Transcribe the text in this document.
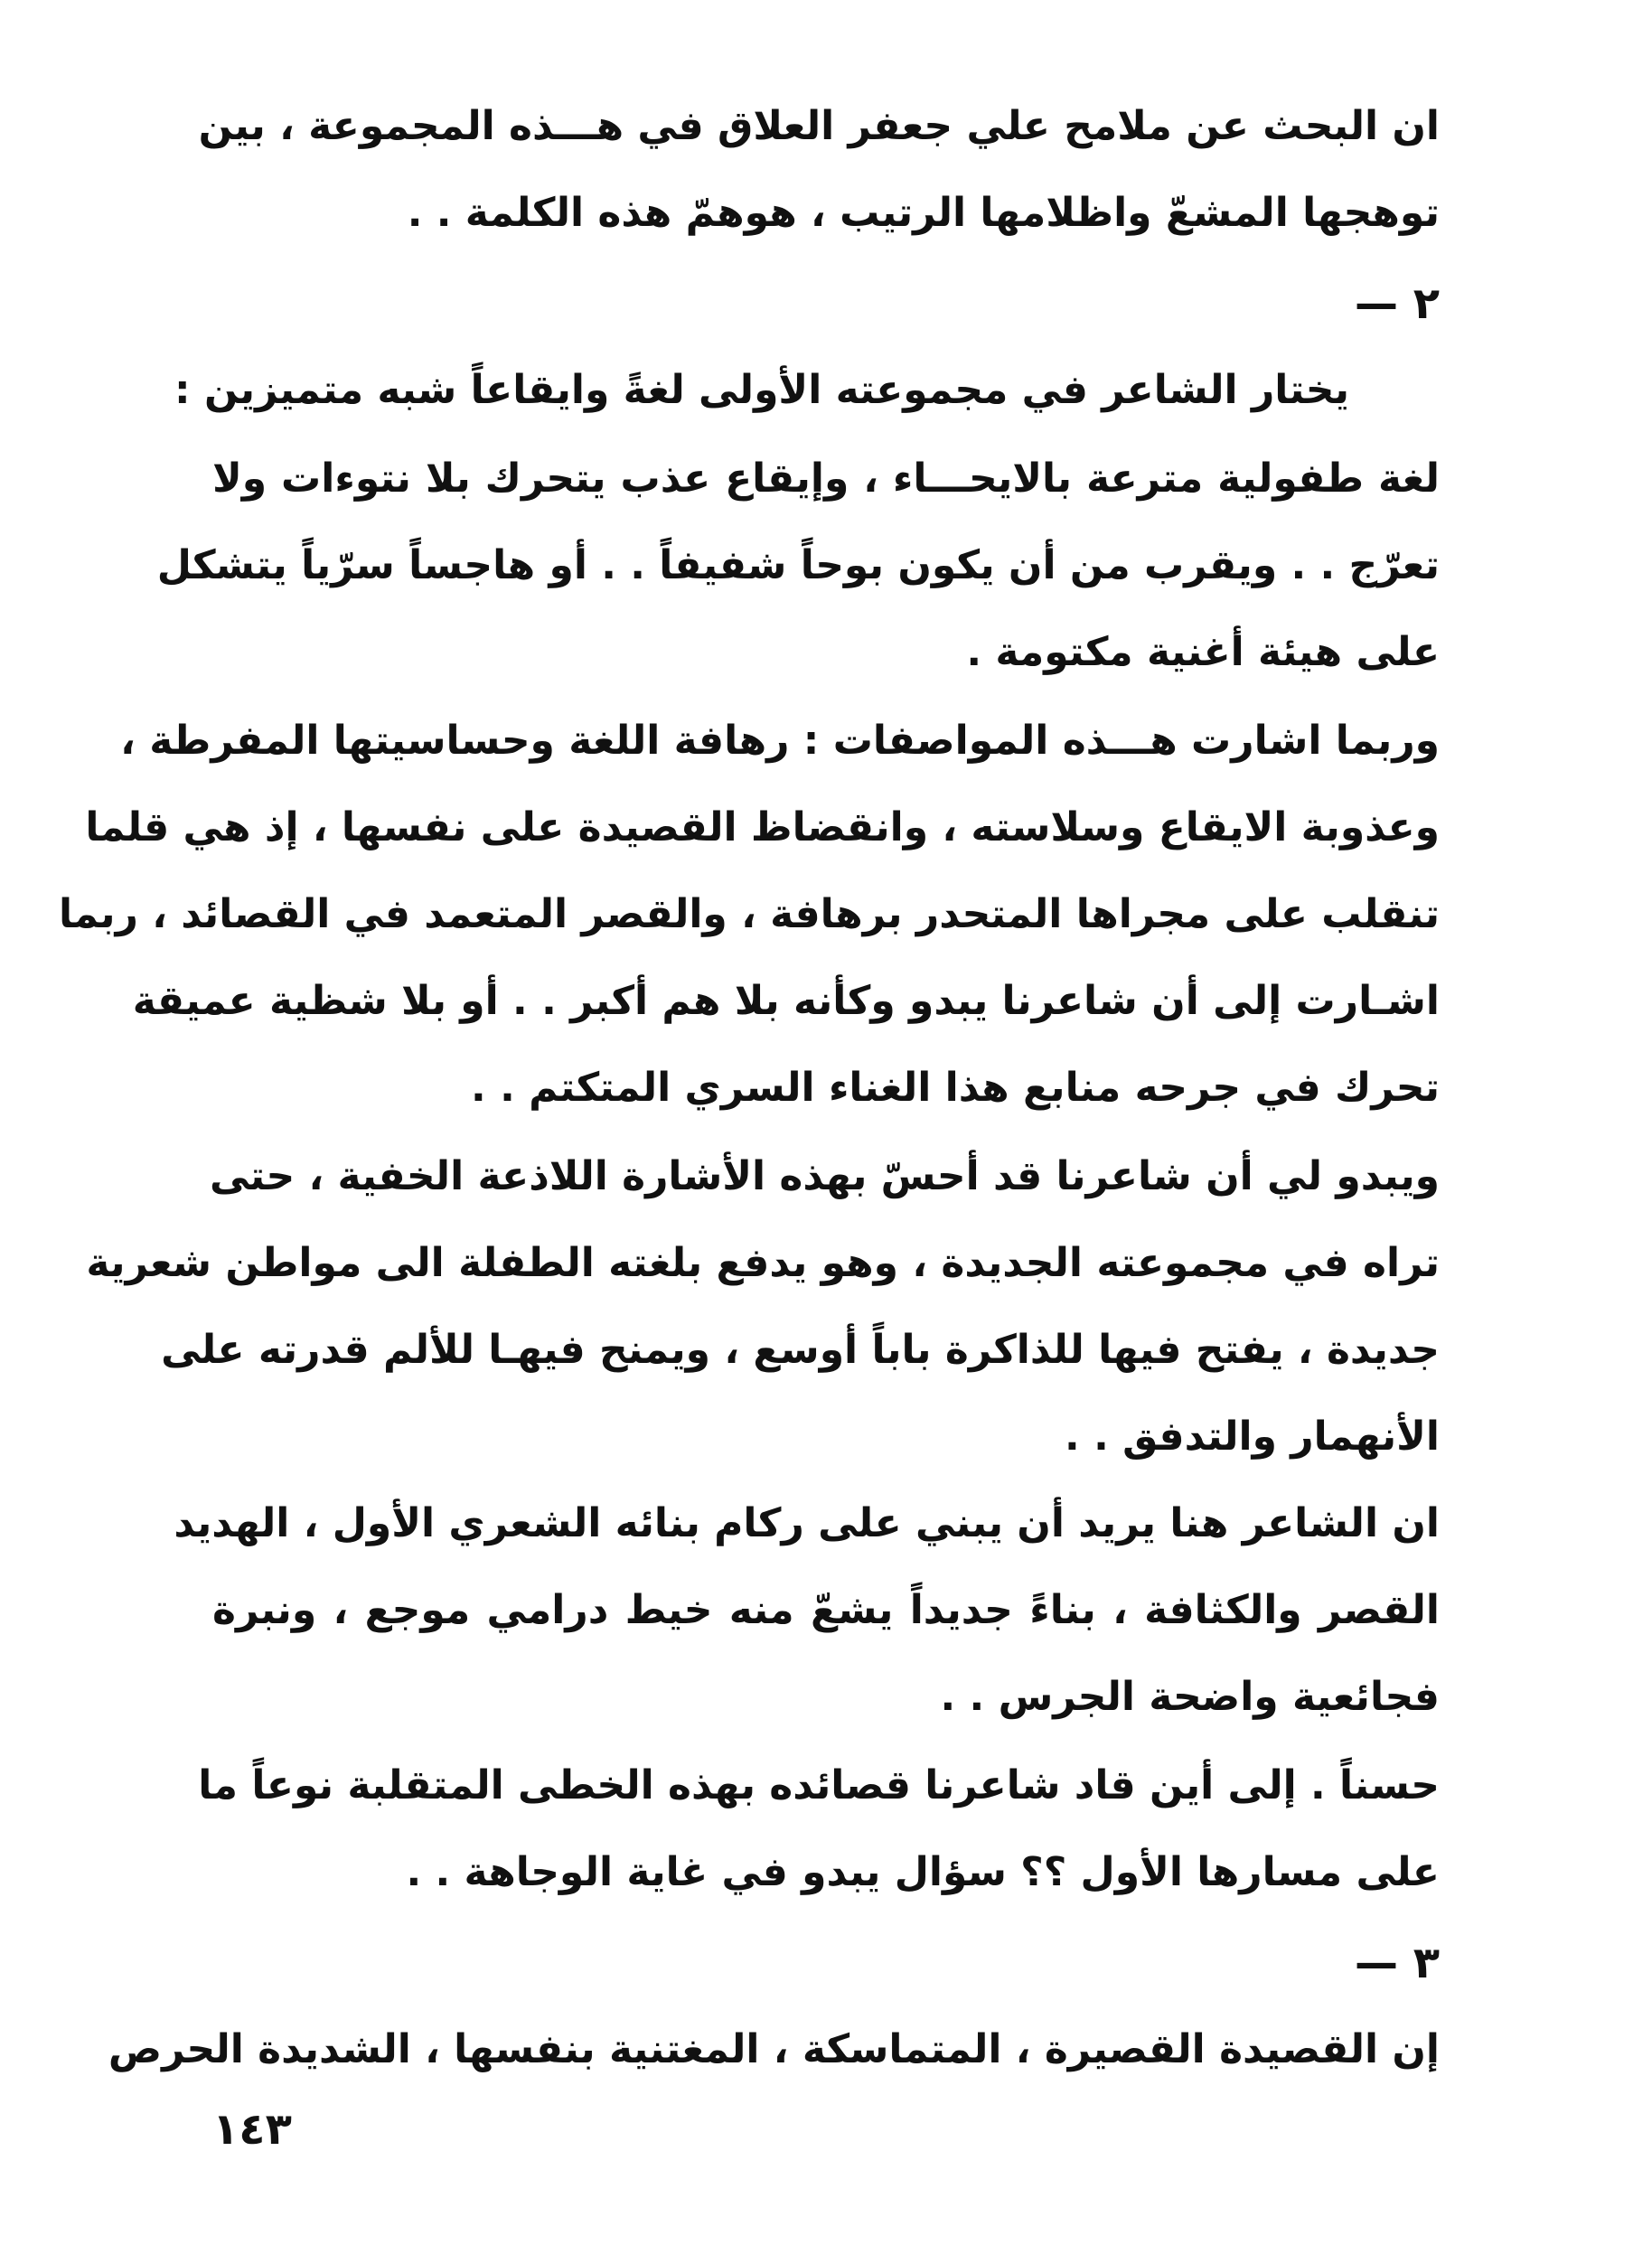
ان البحث عن ملامح علي جعفر العلاق في هـــذه المجموعة ، بين
توهجها المشعّ واظلامها الرتيب ، هوهمّ هذه الكلمة . .
٢ —
يختار الشاعر في مجموعته الأولى لغةً وايقاعاً شبه متميزين :
لغة طفولية مترعة بالايحـــاء ، وإيقاع عذب يتحرك بلا نتوءات ولا
تعرّج . . ويقرب من أن يكون بوحاً شفيفاً . . أو هاجساً سرّياً يتشكل
على هيئة أغنية مكتومة .
وربما اشارت هـــذه المواصفات : رهافة اللغة وحساسيتها المفرطة ،
وعذوبة الايقاع وسلاسته ، وانقضاظ القصيدة على نفسها ، إذ هي قلما
تنقلب على مجراها المتحدر برهافة ، والقصر المتعمد في القصائد ، ربما
اشـارت إلى أن شاعرنا يبدو وكأنه بلا هم أكبر . . أو بلا شظية عميقة
تحرك في جرحه منابع هذا الغناء السري المتكتم . .
ويبدو لي أن شاعرنا قد أحسّ بهذه الأشارة اللاذعة الخفية ، حتى
تراه في مجموعته الجديدة ، وهو يدفع بلغته الطفلة الى مواطن شعرية
جديدة ، يفتح فيها للذاكرة باباً أوسع ، ويمنح فيهـا للألم قدرته على
الأنهمار والتدفق . .
ان الشاعر هنا يريد أن يبني على ركام بنائه الشعري الأول ، الهديد
القصر والكثافة ، بناءً جديداً يشعّ منه خيط درامي موجع ، ونبرة
فجائعية واضحة الجرس . .
حسناً . إلى أين قاد شاعرنا قصائده بهذه الخطى المتقلبة نوعاً ما
على مسارها الأول ؟؟ سؤال يبدو في غاية الوجاهة . .
٣ —
إن القصيدة القصيرة ، المتماسكة ، المغتنية بنفسها ، الشديدة الحرص
١٤٣
